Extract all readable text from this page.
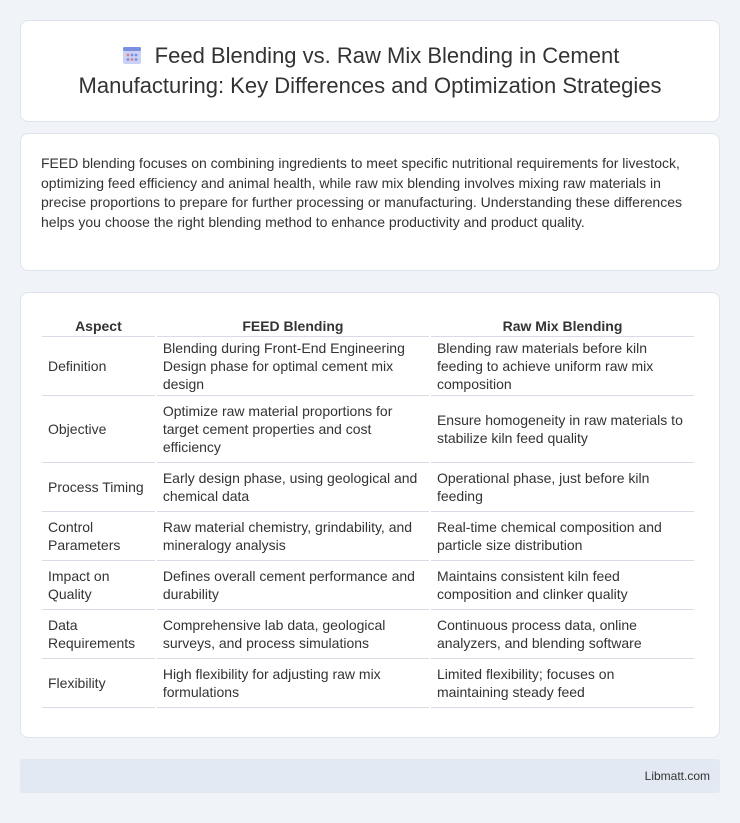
Feed Blending vs. Raw Mix Blending in Cement Manufacturing: Key Differences and Optimization Strategies

FEED blending focuses on combining ingredients to meet specific nutritional requirements for livestock, optimizing feed efficiency and animal health, while raw mix blending involves mixing raw materials in precise proportions to prepare for further processing or manufacturing. Understanding these differences helps you choose the right blending method to enhance productivity and product quality.

Aspect	FEED Blending	Raw Mix Blending
Definition	Blending during Front-End Engineering Design phase for optimal cement mix design	Blending raw materials before kiln feeding to achieve uniform raw mix composition
Objective	Optimize raw material proportions for target cement properties and cost efficiency	Ensure homogeneity in raw materials to stabilize kiln feed quality
Process Timing	Early design phase, using geological and chemical data	Operational phase, just before kiln feeding
Control Parameters	Raw material chemistry, grindability, and mineralogy analysis	Real-time chemical composition and particle size distribution
Impact on Quality	Defines overall cement performance and durability	Maintains consistent kiln feed composition and clinker quality
Data Requirements	Comprehensive lab data, geological surveys, and process simulations	Continuous process data, online analyzers, and blending software
Flexibility	High flexibility for adjusting raw mix formulations	Limited flexibility; focuses on maintaining steady feed
Libmatt.com
